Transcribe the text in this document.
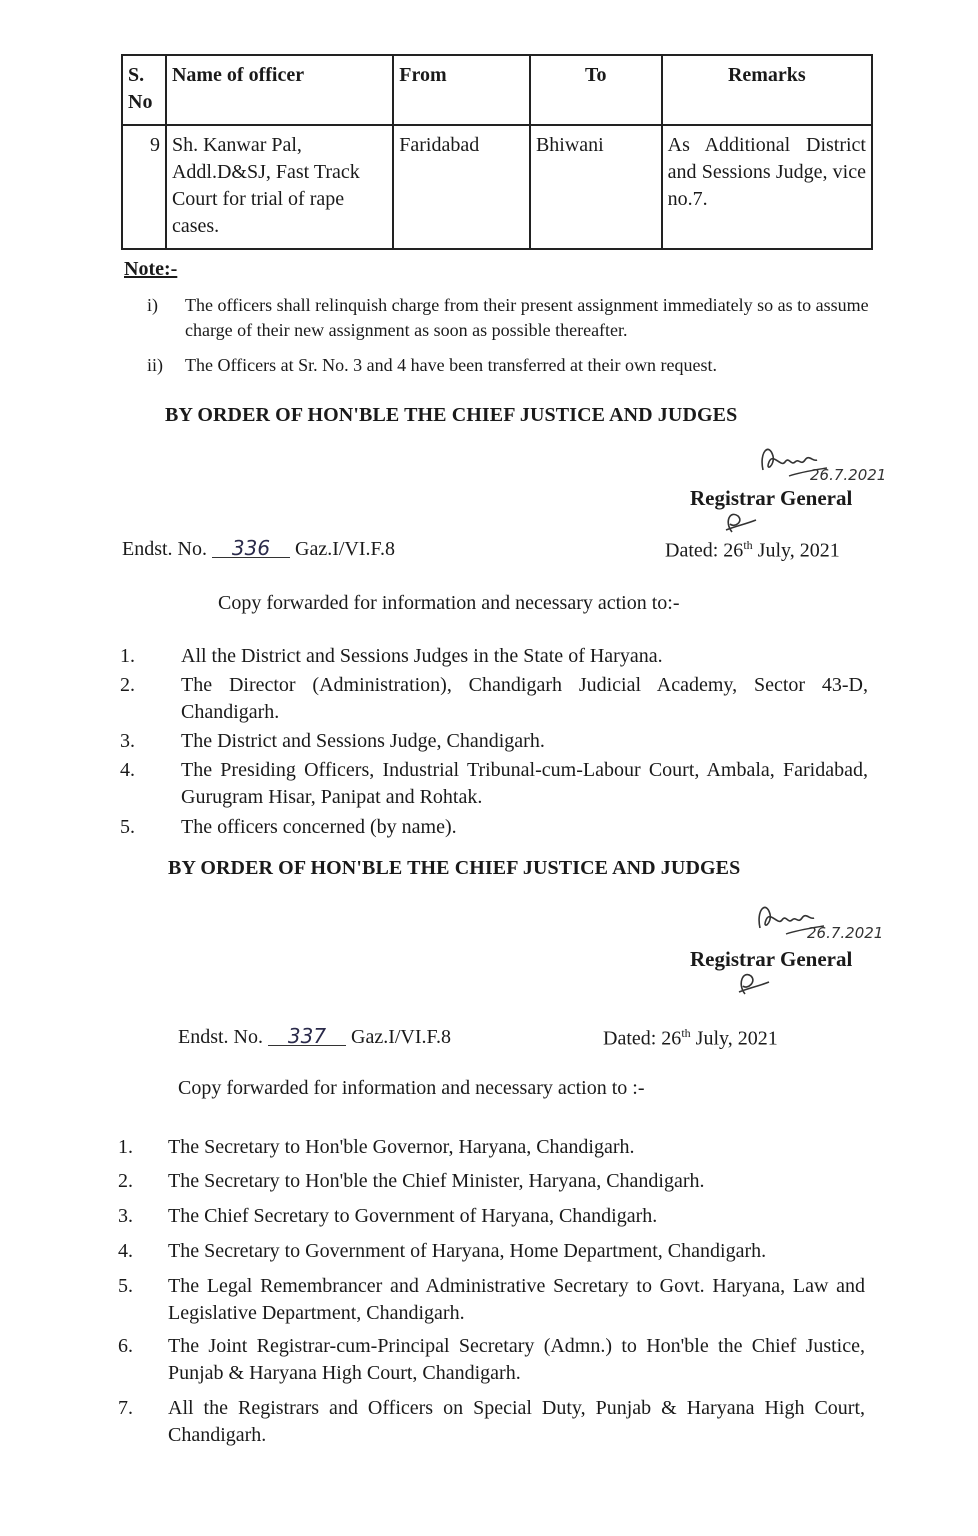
S. No	Name of officer	From	To	Remarks
9	Sh. Kanwar Pal, Addl.D&SJ, Fast Track Court for trial of rape cases.	Faridabad	Bhiwani	As Additional District and Sessions Judge, vice no.7.
Note:-
i) The officers shall relinquish charge from their present assignment immediately so as to assume charge of their new assignment as soon as possible thereafter.
ii) The Officers at Sr. No. 3 and 4 have been transferred at their own request.
BY ORDER OF HON'BLE THE CHIEF JUSTICE AND JUDGES
26.7.2021
Registrar General
Endst. No. 336 Gaz.I/VI.F.8	Dated: 26th July, 2021
Copy forwarded for information and necessary action to:-
1. All the District and Sessions Judges in the State of Haryana.
2. The Director (Administration), Chandigarh Judicial Academy, Sector 43-D, Chandigarh.
3. The District and Sessions Judge, Chandigarh.
4. The Presiding Officers, Industrial Tribunal-cum-Labour Court, Ambala, Faridabad, Gurugram Hisar, Panipat and Rohtak.
5. The officers concerned (by name).
BY ORDER OF HON'BLE THE CHIEF JUSTICE AND JUDGES
26.7.2021
Registrar General
Endst. No. 337 Gaz.I/VI.F.8	Dated: 26th July, 2021
Copy forwarded for information and necessary action to :-
1. The Secretary to Hon'ble Governor, Haryana, Chandigarh.
2. The Secretary to Hon'ble the Chief Minister, Haryana, Chandigarh.
3. The Chief Secretary to Government of Haryana, Chandigarh.
4. The Secretary to Government of Haryana, Home Department, Chandigarh.
5. The Legal Remembrancer and Administrative Secretary to Govt. Haryana, Law and Legislative Department, Chandigarh.
6. The Joint Registrar-cum-Principal Secretary (Admn.) to Hon'ble the Chief Justice, Punjab & Haryana High Court, Chandigarh.
7. All the Registrars and Officers on Special Duty, Punjab & Haryana High Court, Chandigarh.
